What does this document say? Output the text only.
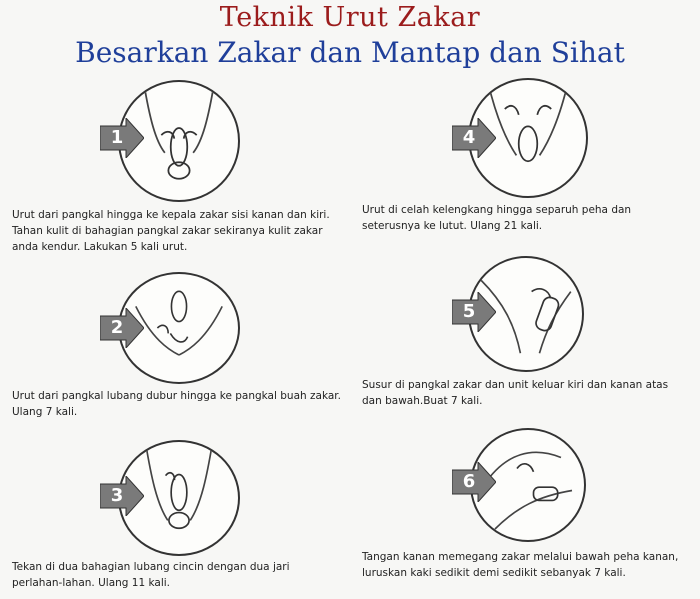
Teknik Urut Zakar
Besarkan Zakar dan Mantap dan Sihat
1
Urut dari pangkal hingga ke kepala zakar sisi kanan dan kiri. Tahan kulit di bahagian pangkal zakar sekiranya kulit zakar anda kendur. Lakukan 5 kali urut.
2
Urut dari pangkal lubang dubur hingga ke pangkal buah zakar. Ulang 7 kali.
3
Tekan di dua bahagian lubang cincin dengan dua jari perlahan-lahan. Ulang 11 kali.
4
Urut di celah kelengkang hingga separuh peha dan seterusnya ke lutut. Ulang 21 kali.
5
Susur di pangkal zakar dan unit keluar kiri dan kanan atas dan bawah.Buat 7 kali.
6
Tangan kanan memegang zakar melalui bawah peha kanan, luruskan kaki sedikit demi sedikit sebanyak 7 kali.
